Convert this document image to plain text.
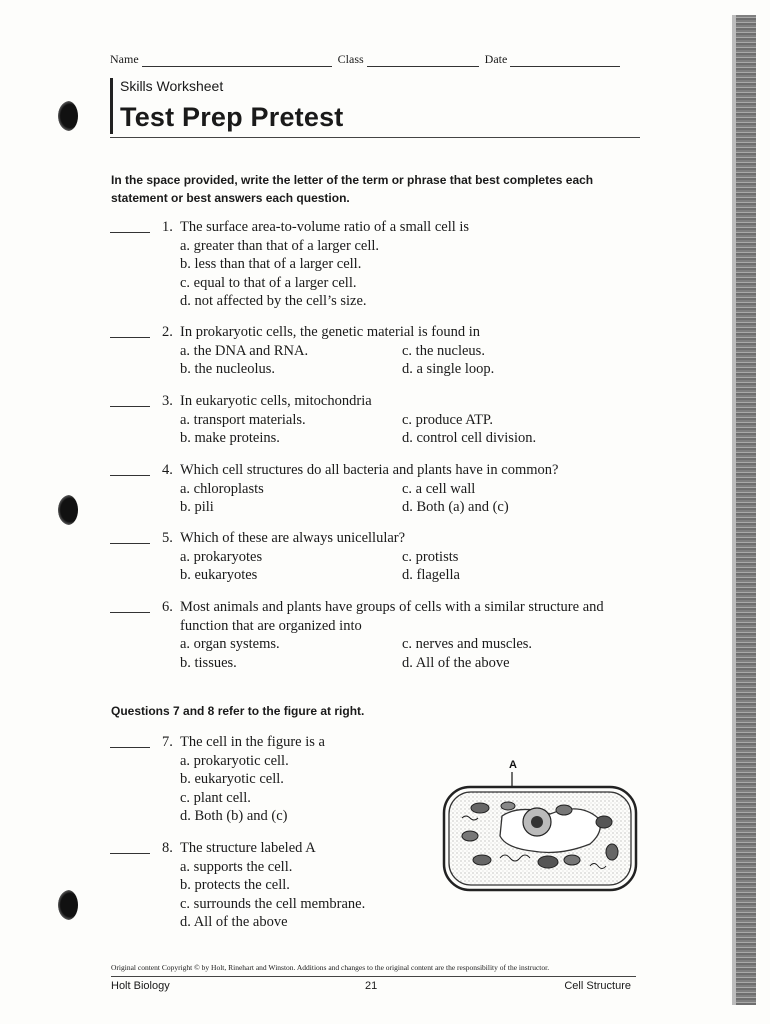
Name	Class	Date
Skills Worksheet
Test Prep Pretest
In the space provided, write the letter of the term or phrase that best completes each statement or best answers each question.
1. The surface area-to-volume ratio of a small cell is
a. greater than that of a larger cell.
b. less than that of a larger cell.
c. equal to that of a larger cell.
d. not affected by the cell’s size.
2. In prokaryotic cells, the genetic material is found in
a. the DNA and RNA.	c. the nucleus.
b. the nucleolus.	d. a single loop.
3. In eukaryotic cells, mitochondria
a. transport materials.	c. produce ATP.
b. make proteins.	d. control cell division.
4. Which cell structures do all bacteria and plants have in common?
a. chloroplasts	c. a cell wall
b. pili	d. Both (a) and (c)
5. Which of these are always unicellular?
a. prokaryotes	c. protists
b. eukaryotes	d. flagella
6. Most animals and plants have groups of cells with a similar structure and
function that are organized into
a. organ systems.	c. nerves and muscles.
b. tissues.	d. All of the above
Questions 7 and 8 refer to the figure at right.
7. The cell in the figure is a
a. prokaryotic cell.
b. eukaryotic cell.
c. plant cell.
d. Both (b) and (c)
8. The structure labeled A
a. supports the cell.
b. protects the cell.
c. surrounds the cell membrane.
d. All of the above
A
Original content Copyright © by Holt, Rinehart and Winston. Additions and changes to the original content are the responsibility of the instructor.
Holt Biology	21	Cell Structure
